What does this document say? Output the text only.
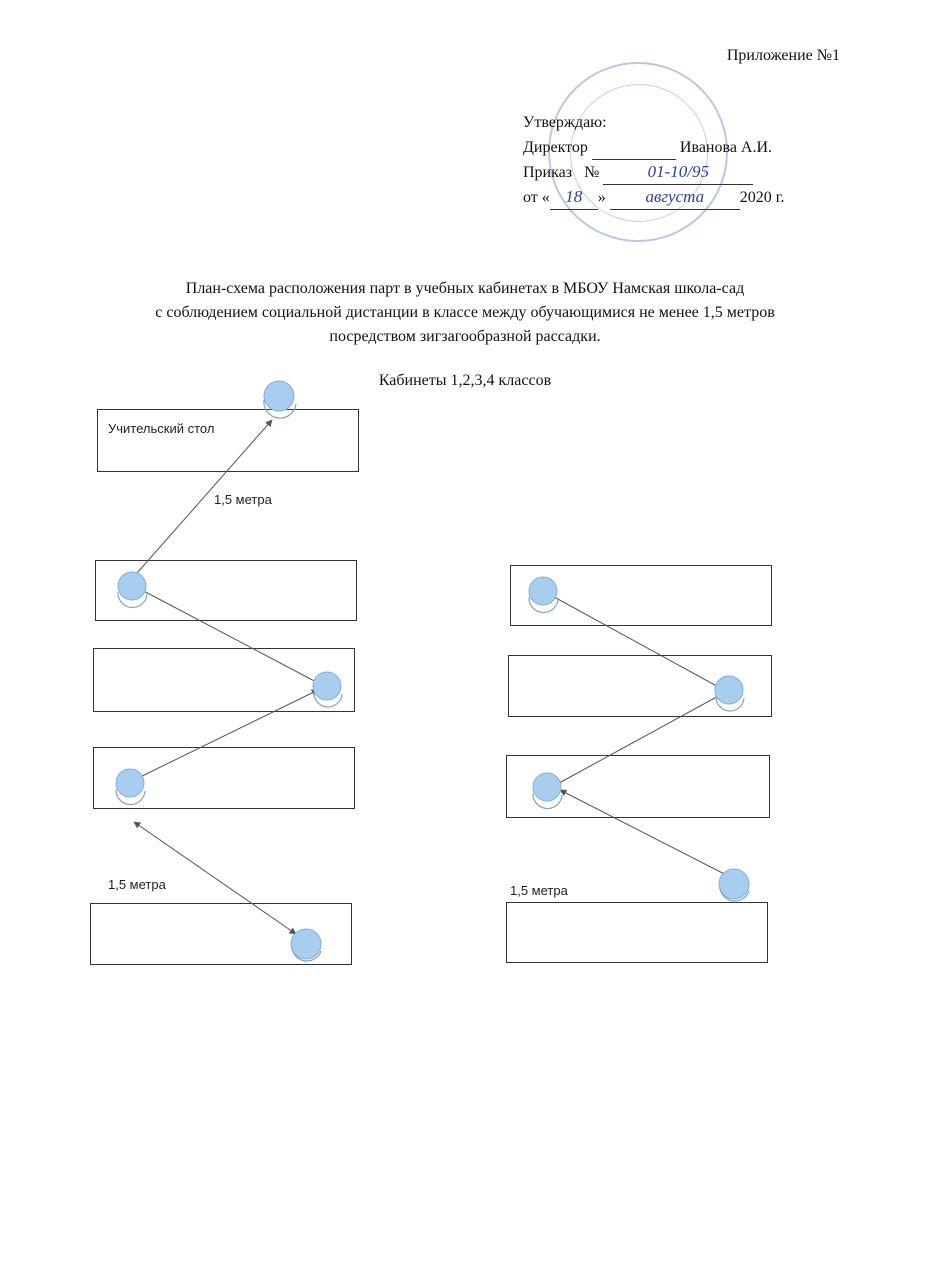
Приложение №1
Утверждаю:
Директор	Иванова А.И.
Приказ №	01-10/95
от « 18 » августа 2020 г.
План-схема расположения парт в учебных кабинетах в МБОУ Намская школа-сад
с соблюдением социальной дистанции в классе между обучающимися не менее 1,5 метров
посредством зигзагообразной рассадки.
Кабинеты 1,2,3,4 классов
Учительский стол
1,5 метра
1,5 метра	1,5 метра
